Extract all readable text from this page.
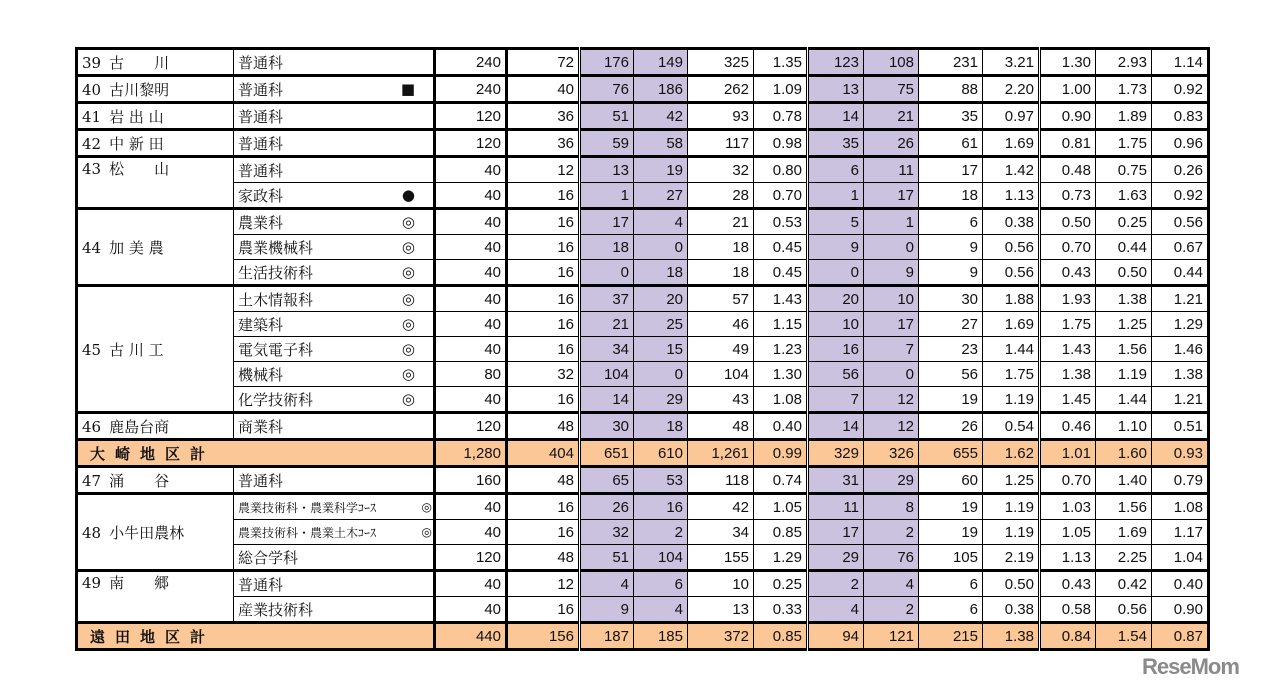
39 古　　川	普通科	240	72	176	149	325	1.35	123	108	231	3.21	1.30	2.93	1.14
40 古川黎明	普通科 ■	240	40	76	186	262	1.09	13	75	88	2.20	1.00	1.73	0.92
41 岩 出 山	普通科	120	36	51	42	93	0.78	14	21	35	0.97	0.90	1.89	0.83
42 中 新 田	普通科	120	36	59	58	117	0.98	35	26	61	1.69	0.81	1.75	0.96
43 松　　山	普通科	40	12	13	19	32	0.80	6	11	17	1.42	0.48	0.75	0.26

	家政科 ●	40	16	1	27	28	0.70	1	17	18	1.13	0.73	1.63	0.92
44 加 美 農	農業科 ◎	40	16	17	4	21	0.53	5	1	6	0.38	0.50	0.25	0.56

	農業機械科 ◎	40	16	18	0	18	0.45	9	0	9	0.56	0.70	0.44	0.67

	生活技術科 ◎	40	16	0	18	18	0.45	0	9	9	0.56	0.43	0.50	0.44
45 古 川 工	土木情報科 ◎	40	16	37	20	57	1.43	20	10	30	1.88	1.93	1.38	1.21

	建築科 ◎	40	16	21	25	46	1.15	10	17	27	1.69	1.75	1.25	1.29

	電気電子科 ◎	40	16	34	15	49	1.23	16	7	23	1.44	1.43	1.56	1.46

	機械科 ◎	80	32	104	0	104	1.30	56	0	56	1.75	1.38	1.19	1.38

	化学技術科 ◎	40	16	14	29	43	1.08	7	12	19	1.19	1.45	1.44	1.21
46 鹿島台商	商業科	120	48	30	18	48	0.40	14	12	26	0.54	0.46	1.10	0.51
大崎地区計		1,280	404	651	610	1,261	0.99	329	326	655	1.62	1.01	1.60	0.93
47 涌　　谷	普通科	160	48	65	53	118	0.74	31	29	60	1.25	0.70	1.40	0.79
48 小牛田農林	農業技術科・農業科学ｺｰｽ ◎	40	16	26	16	42	1.05	11	8	19	1.19	1.03	1.56	1.08

	農業技術科・農業土木ｺｰｽ ◎	40	16	32	2	34	0.85	17	2	19	1.19	1.05	1.69	1.17

	総合学科	120	48	51	104	155	1.29	29	76	105	2.19	1.13	2.25	1.04
49 南　　郷	普通科	40	12	4	6	10	0.25	2	4	6	0.50	0.43	0.42	0.40

	産業技術科	40	16	9	4	13	0.33	4	2	6	0.38	0.58	0.56	0.90
遠田地区計		440	156	187	185	372	0.85	94	121	215	1.38	0.84	1.54	0.87
ReseMom
